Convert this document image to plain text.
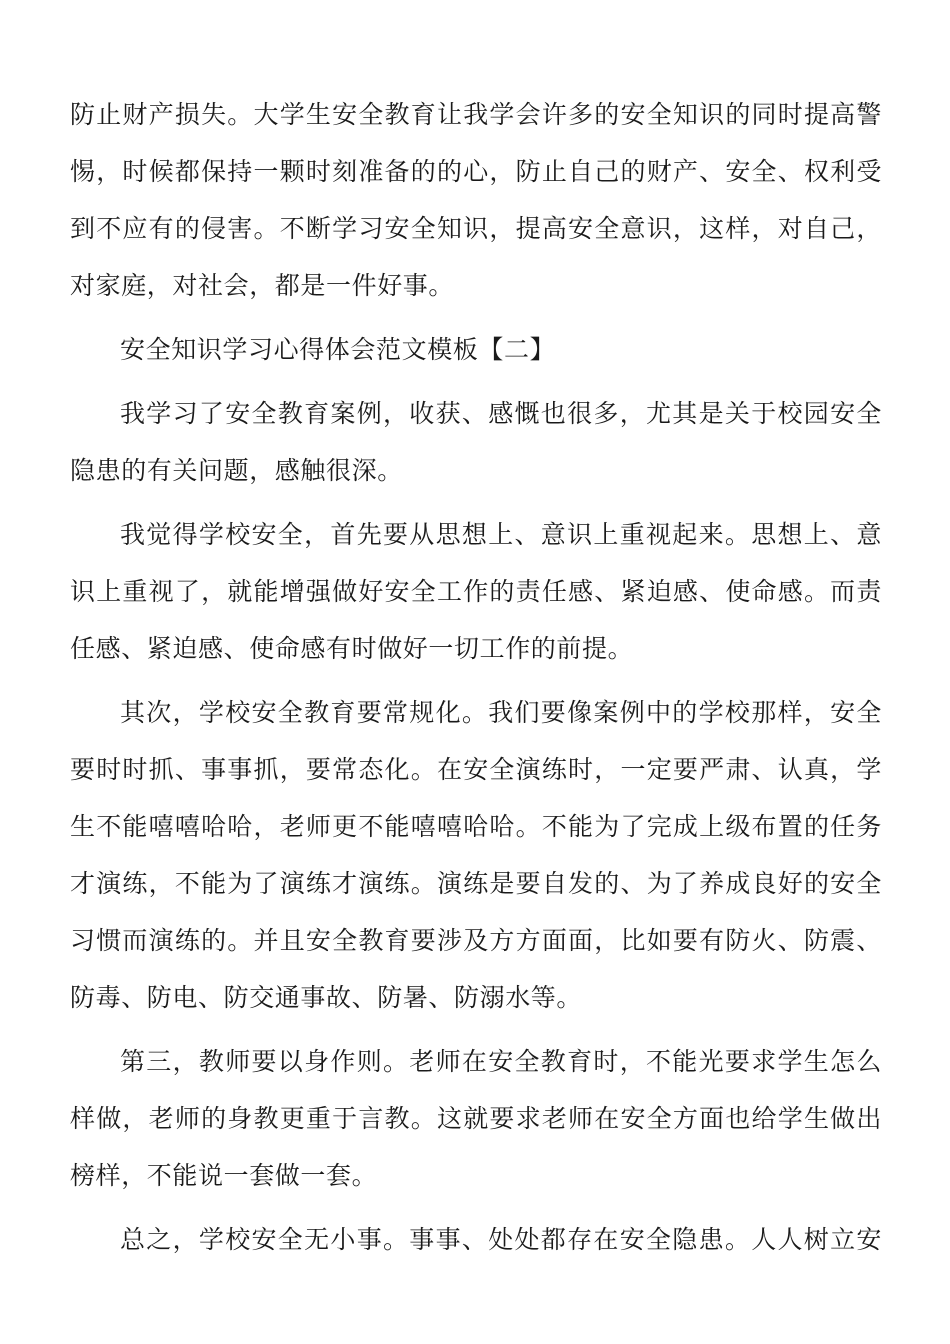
防止财产损失。大学生安全教育让我学会许多的安全知识的同时提高警
惕，时候都保持一颗时刻准备的的心，防止自己的财产、安全、权利受
到不应有的侵害。不断学习安全知识，提高安全意识，这样，对自己，
对家庭，对社会，都是一件好事。
安全知识学习心得体会范文模板【二】
我学习了安全教育案例，收获、感慨也很多，尤其是关于校园安全
隐患的有关问题，感触很深。
我觉得学校安全，首先要从思想上、意识上重视起来。思想上、意
识上重视了，就能增强做好安全工作的责任感、紧迫感、使命感。而责
任感、紧迫感、使命感有时做好一切工作的前提。
其次，学校安全教育要常规化。我们要像案例中的学校那样，安全
要时时抓、事事抓，要常态化。在安全演练时，一定要严肃、认真，学
生不能嘻嘻哈哈，老师更不能嘻嘻哈哈。不能为了完成上级布置的任务
才演练，不能为了演练才演练。演练是要自发的、为了养成良好的安全
习惯而演练的。并且安全教育要涉及方方面面，比如要有防火、防震、
防毒、防电、防交通事故、防暑、防溺水等。
第三，教师要以身作则。老师在安全教育时，不能光要求学生怎么
样做，老师的身教更重于言教。这就要求老师在安全方面也给学生做出
榜样，不能说一套做一套。
总之，学校安全无小事。事事、处处都存在安全隐患。人人树立安
